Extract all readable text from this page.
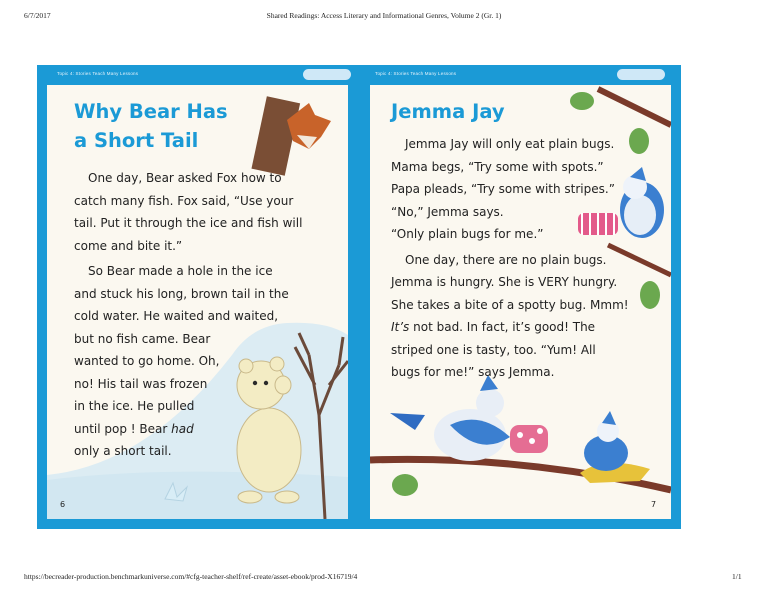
6/7/2017	Shared Readings: Access Literary and Informational Genres, Volume 2 (Gr. 1)
Topic 4: Stories Teach Many Lessons	Topic 4: Stories Teach Many Lessons
Why Bear Has
a Short Tail

One day, Bear asked Fox how to
catch many fish. Fox said, “Use your
tail. Put it through the ice and fish will
come and bite it.”

So Bear made a hole in the ice
and stuck his long, brown tail in the
cold water. He waited and waited,
but no fish came. Bear
wanted to go home. Oh,
no! His tail was frozen
in the ice. He pulled
until pop ! Bear had
only a short tail.

Jemma Jay

Jemma Jay will only eat plain bugs.
Mama begs, “Try some with spots.”
Papa pleads, “Try some with stripes.”
“No,” Jemma says.
“Only plain bugs for me.”

One day, there are no plain bugs.
Jemma is hungry. She is VERY hungry.
She takes a bite of a spotty bug. Mmm!
It’s not bad. In fact, it’s good! The
striped one is tasty, too. “Yum! All
bugs for me!” says Jemma.

6	7
https://becreader-production.benchmarkuniverse.com/#cfg-teacher-shelf/ref-create/asset-ebook/prod-X16719/4	1/1
